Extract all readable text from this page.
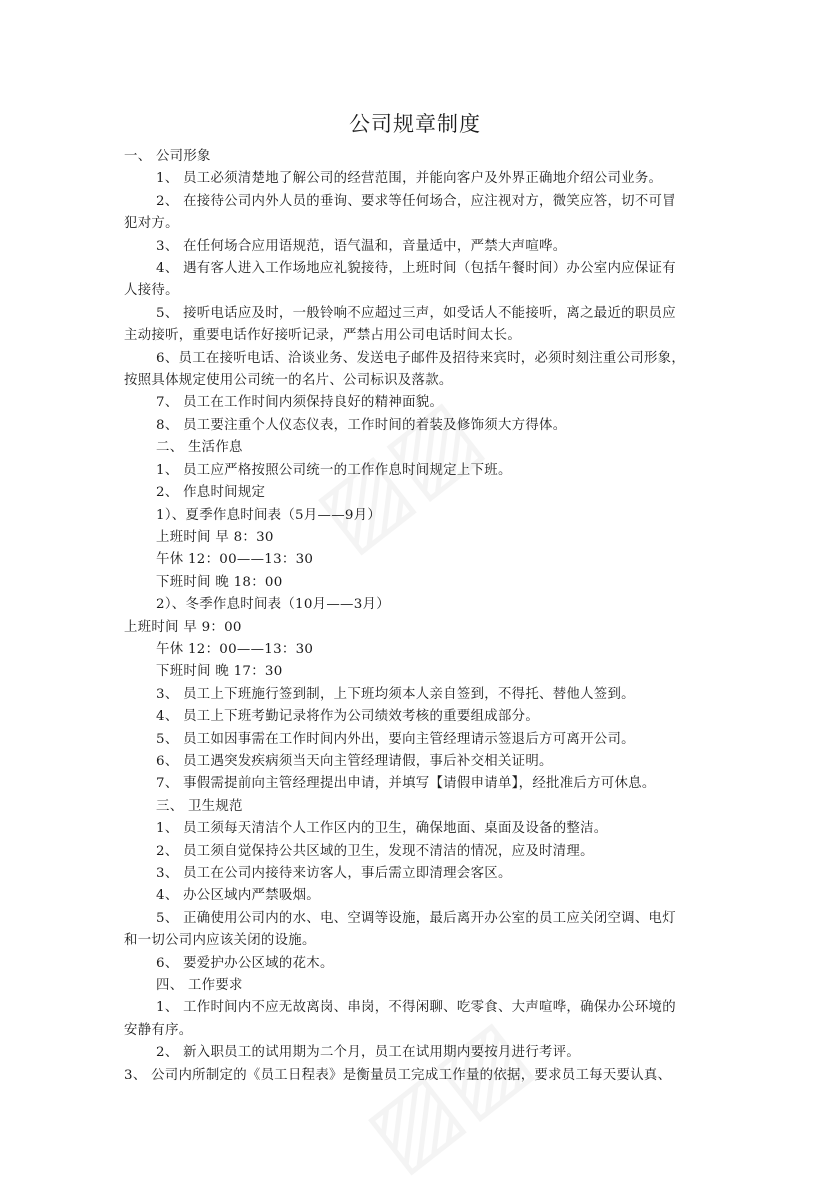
公司规章制度
一、 公司形象
1、 员工必须清楚地了解公司的经营范围，并能向客户及外界正确地介绍公司业务。
2、 在接待公司内外人员的垂询、要求等任何场合，应注视对方，微笑应答，切不可冒
犯对方。
3、 在任何场合应用语规范，语气温和，音量适中，严禁大声喧哗。
4、 遇有客人进入工作场地应礼貌接待，上班时间（包括午餐时间）办公室内应保证有
人接待。
5、 接听电话应及时，一般铃响不应超过三声，如受话人不能接听，离之最近的职员应
主动接听，重要电话作好接听记录，严禁占用公司电话时间太长。
6、员工在接听电话、洽谈业务、发送电子邮件及招待来宾时，必须时刻注重公司形象，
按照具体规定使用公司统一的名片、公司标识及落款。
7、 员工在工作时间内须保持良好的精神面貌。
8、 员工要注重个人仪态仪表，工作时间的着装及修饰须大方得体。
二、 生活作息
1、 员工应严格按照公司统一的工作作息时间规定上下班。
2、 作息时间规定
1）、夏季作息时间表（5月——9月）
上班时间 早 8：30
午休 12：00——13：30
下班时间 晚 18：00
2）、冬季作息时间表（10月——3月）
上班时间 早 9：00
午休 12：00——13：30
下班时间 晚 17：30
3、 员工上下班施行签到制，上下班均须本人亲自签到，不得托、替他人签到。
4、 员工上下班考勤记录将作为公司绩效考核的重要组成部分。
5、 员工如因事需在工作时间内外出，要向主管经理请示签退后方可离开公司。
6、 员工遇突发疾病须当天向主管经理请假，事后补交相关证明。
7、 事假需提前向主管经理提出申请，并填写【请假申请单】，经批准后方可休息。
三、 卫生规范
1、 员工须每天清洁个人工作区内的卫生，确保地面、桌面及设备的整洁。
2、 员工须自觉保持公共区域的卫生，发现不清洁的情况，应及时清理。
3、 员工在公司内接待来访客人，事后需立即清理会客区。
4、 办公区域内严禁吸烟。
5、 正确使用公司内的水、电、空调等设施，最后离开办公室的员工应关闭空调、电灯
和一切公司内应该关闭的设施。
6、 要爱护办公区域的花木。
四、 工作要求
1、 工作时间内不应无故离岗、串岗，不得闲聊、吃零食、大声喧哗，确保办公环境的
安静有序。
2、 新入职员工的试用期为二个月，员工在试用期内要按月进行考评。
3、 公司内所制定的《员工日程表》是衡量员工完成工作量的依据，要求员工每天要认真、
